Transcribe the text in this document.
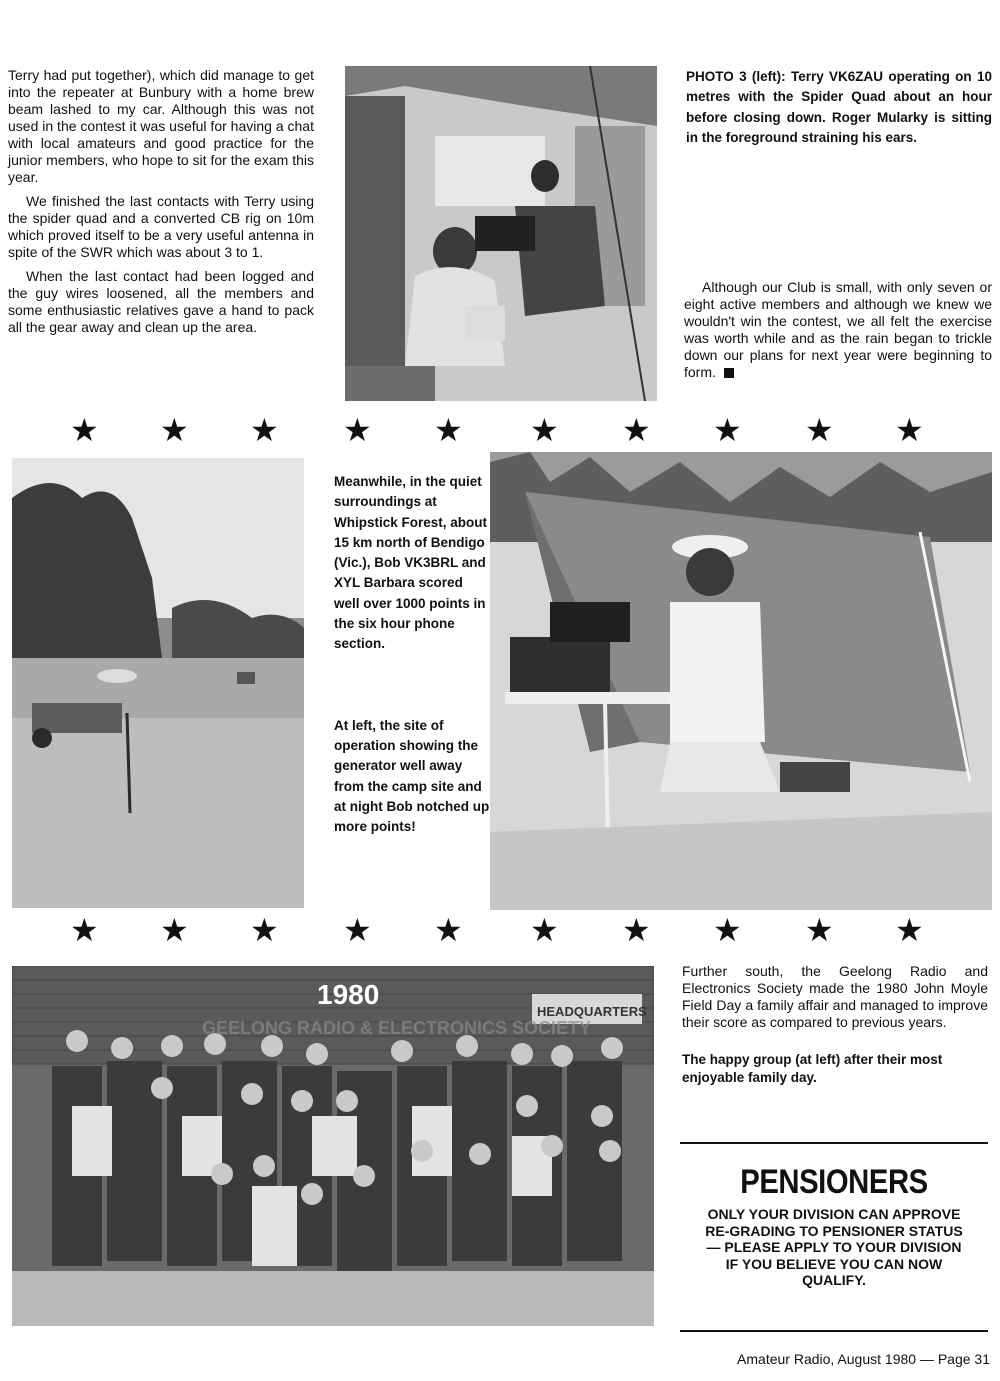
Terry had put together), which did manage to get into the repeater at Bunbury with a home brew beam lashed to my car. Although this was not used in the contest it was useful for having a chat with local amateurs and good practice for the junior members, who hope to sit for the exam this year.

We finished the last contacts with Terry using the spider quad and a converted CB rig on 10m which proved itself to be a very useful antenna in spite of the SWR which was about 3 to 1.

When the last contact had been logged and the guy wires loosened, all the members and some enthusiastic relatives gave a hand to pack all the gear away and clean up the area.

PHOTO 3 (left): Terry VK6ZAU operating on 10 metres with the Spider Quad about an hour before closing down. Roger Mularky is sitting in the foreground straining his ears.

Although our Club is small, with only seven or eight active members and although we knew we wouldn't win the contest, we all felt the exercise was worth while and as the rain began to trickle down our plans for next year were beginning to form.

★ ★ ★ ★ ★ ★ ★ ★ ★ ★

Meanwhile, in the quiet surroundings at Whipstick Forest, about 15 km north of Bendigo (Vic.), Bob VK3BRL and XYL Barbara scored well over 1000 points in the six hour phone section.

At left, the site of operation showing the generator well away from the camp site and at night Bob notched up more points!

★ ★ ★ ★ ★ ★ ★ ★ ★ ★
1980
HEADQUARTERS
GEELONG RADIO & ELECTRONICS SOCIETY

Further south, the Geelong Radio and Electronics Society made the 1980 John Moyle Field Day a family affair and managed to improve their score as compared to previous years.

The happy group (at left) after their most enjoyable family day.

PENSIONERS
ONLY YOUR DIVISION CAN APPROVE RE-GRADING TO PENSIONER STATUS — PLEASE APPLY TO YOUR DIVISION IF YOU BELIEVE YOU CAN NOW QUALIFY.
Amateur Radio, August 1980 — Page 31
